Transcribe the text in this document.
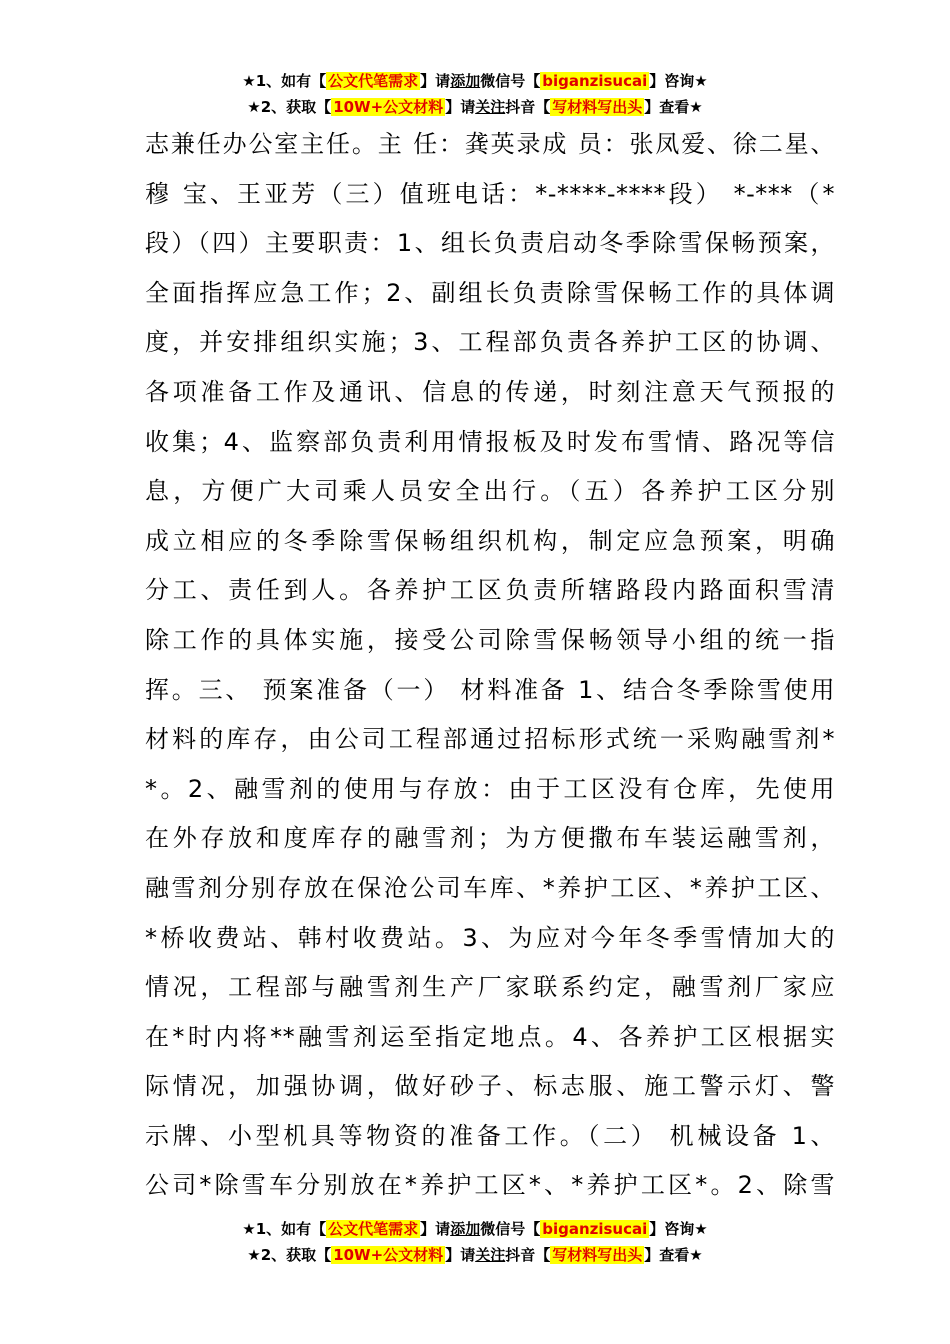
★1、如有【 公文代笔需求 】请添加微信号【 biganzisucai 】咨询★
★2、获取【 10W+公文材料 】请关注抖音【 写材料写出头 】查看★
志兼任办公室主任。主 任：龚英录成 员：张凤爱、徐二星、
穆 宝、王亚芳（三）值班电话：*-****-****段） *-***（*
段）（四）主要职责：1、组长负责启动冬季除雪保畅预案，
全面指挥应急工作；2、副组长负责除雪保畅工作的具体调
度，并安排组织实施；3、工程部负责各养护工区的协调、
各项准备工作及通讯、信息的传递，时刻注意天气预报的
收集；4、监察部负责利用情报板及时发布雪情、路况等信
息，方便广大司乘人员安全出行。（五）各养护工区分别
成立相应的冬季除雪保畅组织机构，制定应急预案，明确
分工、责任到人。各养护工区负责所辖路段内路面积雪清
除工作的具体实施，接受公司除雪保畅领导小组的统一指
挥。三、 预案准备（一） 材料准备 1、结合冬季除雪使用
材料的库存，由公司工程部通过招标形式统一采购融雪剂*
*。2、融雪剂的使用与存放：由于工区没有仓库，先使用
在外存放和度库存的融雪剂；为方便撒布车装运融雪剂，
融雪剂分别存放在保沧公司车库、*养护工区、*养护工区、
*桥收费站、韩村收费站。3、为应对今年冬季雪情加大的
情况，工程部与融雪剂生产厂家联系约定，融雪剂厂家应
在*时内将**融雪剂运至指定地点。4、各养护工区根据实
际情况，加强协调，做好砂子、标志服、施工警示灯、警
示牌、小型机具等物资的准备工作。（二） 机械设备 1、
公司*除雪车分别放在*养护工区*、*养护工区*。2、除雪
★1、如有【 公文代笔需求 】请添加微信号【 biganzisucai 】咨询★
★2、获取【 10W+公文材料 】请关注抖音【 写材料写出头 】查看★
